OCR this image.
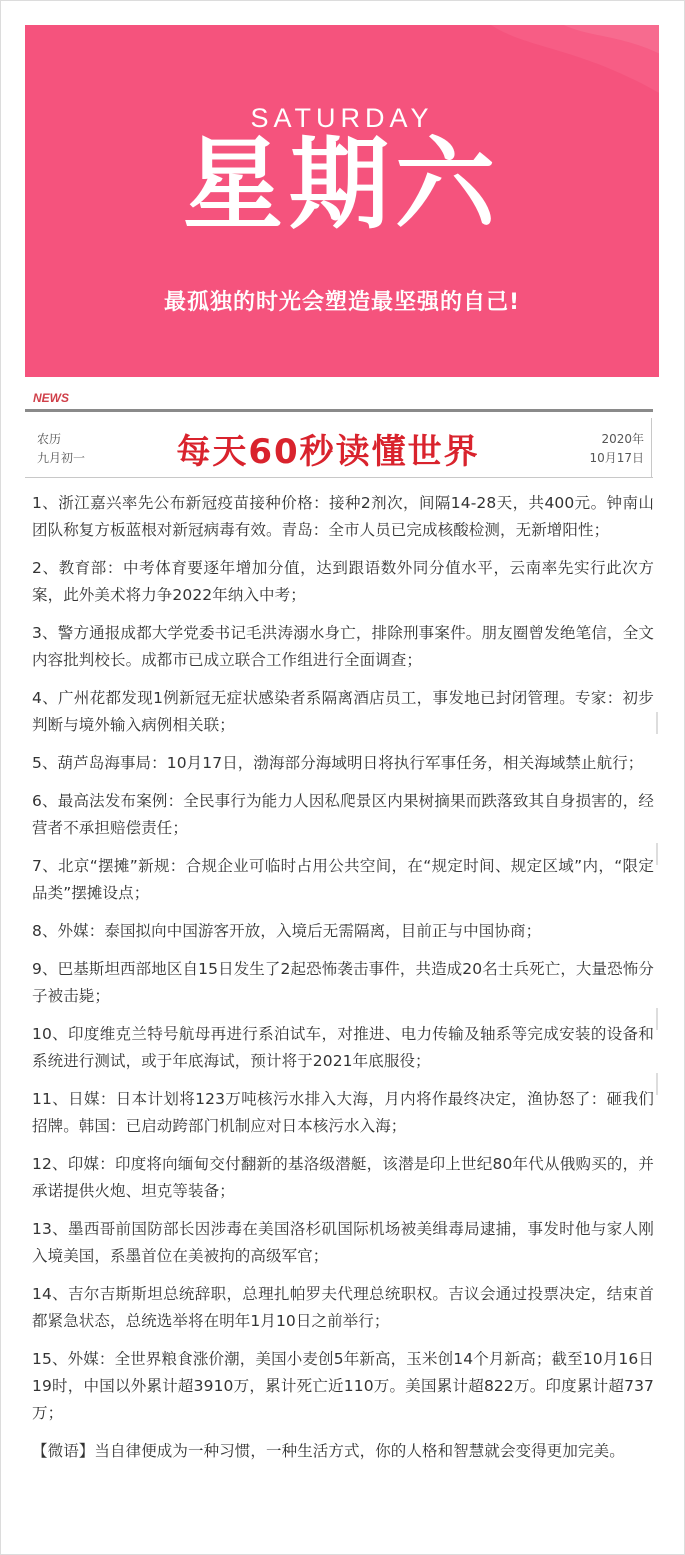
SATURDAY
星期六
最孤独的时光会塑造最坚强的自己!
NEWS
农历
九月初一	每天60秒读懂世界	2020年
10月17日

1、浙江嘉兴率先公布新冠疫苗接种价格：接种2剂次，间隔14-28天，共400元。钟南山团队称复方板蓝根对新冠病毒有效。青岛：全市人员已完成核酸检测，无新增阳性；

2、教育部：中考体育要逐年增加分值，达到跟语数外同分值水平，云南率先实行此次方案，此外美术将力争2022年纳入中考；

3、警方通报成都大学党委书记毛洪涛溺水身亡，排除刑事案件。朋友圈曾发绝笔信，全文内容批判校长。成都市已成立联合工作组进行全面调查；

4、广州花都发现1例新冠无症状感染者系隔离酒店员工，事发地已封闭管理。专家：初步判断与境外输入病例相关联；

5、葫芦岛海事局：10月17日，渤海部分海域明日将执行军事任务，相关海域禁止航行；

6、最高法发布案例：全民事行为能力人因私爬景区内果树摘果而跌落致其自身损害的，经营者不承担赔偿责任；

7、北京“摆摊”新规：合规企业可临时占用公共空间，在“规定时间、规定区域”内，“限定品类”摆摊设点；

8、外媒：泰国拟向中国游客开放，入境后无需隔离，目前正与中国协商；

9、巴基斯坦西部地区自15日发生了2起恐怖袭击事件，共造成20名士兵死亡，大量恐怖分子被击毙；

10、印度维克兰特号航母再进行系泊试车，对推进、电力传输及轴系等完成安装的设备和系统进行测试，或于年底海试，预计将于2021年底服役；

11、日媒：日本计划将123万吨核污水排入大海，月内将作最终决定，渔协怒了：砸我们招牌。韩国：已启动跨部门机制应对日本核污水入海；

12、印媒：印度将向缅甸交付翻新的基洛级潜艇，该潜是印上世纪80年代从俄购买的，并承诺提供火炮、坦克等装备；

13、墨西哥前国防部长因涉毒在美国洛杉矶国际机场被美缉毒局逮捕，事发时他与家人刚入境美国，系墨首位在美被拘的高级军官；

14、吉尔吉斯斯坦总统辞职，总理扎帕罗夫代理总统职权。吉议会通过投票决定，结束首都紧急状态，总统选举将在明年1月10日之前举行；

15、外媒：全世界粮食涨价潮，美国小麦创5年新高，玉米创14个月新高；截至10月16日19时，中国以外累计超3910万，累计死亡近110万。美国累计超822万。印度累计超737万；

【微语】当自律便成为一种习惯，一种生活方式，你的人格和智慧就会变得更加完美。
